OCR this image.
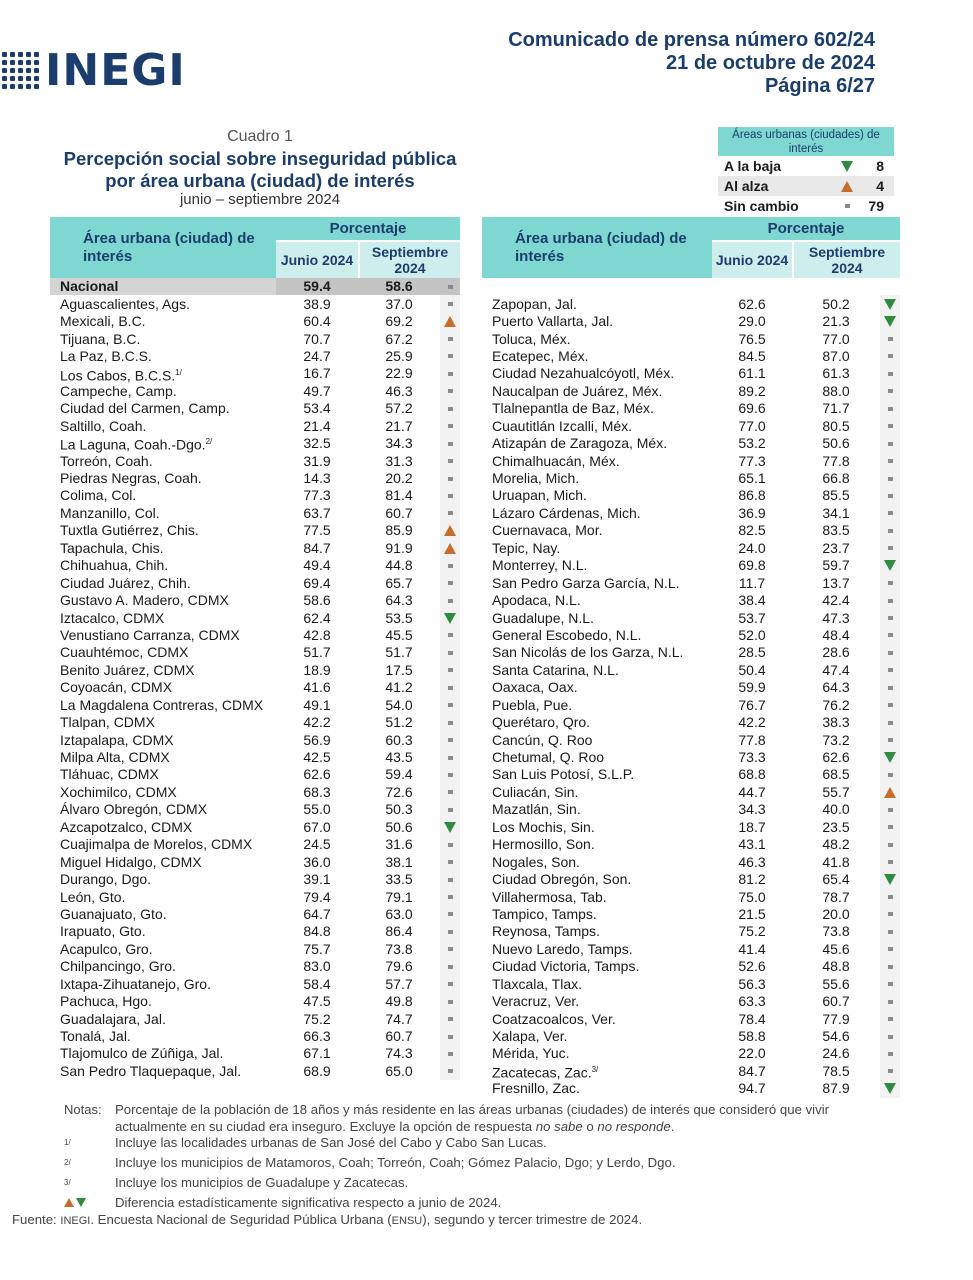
INEGI
Comunicado de prensa número 602/24
21 de octubre de 2024
Página 6/27
Cuadro 1
Percepción social sobre inseguridad pública
por área urbana (ciudad) de interés
junio – septiembre 2024
Áreas urbanas (ciudades) de interés
A la baja	8
Al alza	4
Sin cambio	79
Área urbana (ciudad) de interés
Porcentaje
Junio 2024	Septiembre 2024
Nacional	59.4	58.6
Aguascalientes, Ags.	38.9	37.0
Mexicali, B.C.	60.4	69.2
Tijuana, B.C.	70.7	67.2
La Paz, B.C.S.	24.7	25.9
Los Cabos, B.C.S.$^{1/}$	16.7	22.9
Campeche, Camp.	49.7	46.3
Ciudad del Carmen, Camp.	53.4	57.2
Saltillo, Coah.	21.4	21.7
La Laguna, Coah.-Dgo.$^{2/}$	32.5	34.3
Torreón, Coah.	31.9	31.3
Piedras Negras, Coah.	14.3	20.2
Colima, Col.	77.3	81.4
Manzanillo, Col.	63.7	60.7
Tuxtla Gutiérrez, Chis.	77.5	85.9
Tapachula, Chis.	84.7	91.9
Chihuahua, Chih.	49.4	44.8
Ciudad Juárez, Chih.	69.4	65.7
Gustavo A. Madero, CDMX	58.6	64.3
Iztacalco, CDMX	62.4	53.5
Venustiano Carranza, CDMX	42.8	45.5
Cuauhtémoc, CDMX	51.7	51.7
Benito Juárez, CDMX	18.9	17.5
Coyoacán, CDMX	41.6	41.2
La Magdalena Contreras, CDMX	49.1	54.0
Tlalpan, CDMX	42.2	51.2
Iztapalapa, CDMX	56.9	60.3
Milpa Alta, CDMX	42.5	43.5
Tláhuac, CDMX	62.6	59.4
Xochimilco, CDMX	68.3	72.6
Álvaro Obregón, CDMX	55.0	50.3
Azcapotzalco, CDMX	67.0	50.6
Cuajimalpa de Morelos, CDMX	24.5	31.6
Miguel Hidalgo, CDMX	36.0	38.1
Durango, Dgo.	39.1	33.5
León, Gto.	79.4	79.1
Guanajuato, Gto.	64.7	63.0
Irapuato, Gto.	84.8	86.4
Acapulco, Gro.	75.7	73.8
Chilpancingo, Gro.	83.0	79.6
Ixtapa-Zihuatanejo, Gro.	58.4	57.7
Pachuca, Hgo.	47.5	49.8
Guadalajara, Jal.	75.2	74.7
Tonalá, Jal.	66.3	60.7
Tlajomulco de Zúñiga, Jal.	67.1	74.3
San Pedro Tlaquepaque, Jal.	68.9	65.0
Área urbana (ciudad) de interés
Porcentaje
Junio 2024	Septiembre 2024
Zapopan, Jal.	62.6	50.2
Puerto Vallarta, Jal.	29.0	21.3
Toluca, Méx.	76.5	77.0
Ecatepec, Méx.	84.5	87.0
Ciudad Nezahualcóyotl, Méx.	61.1	61.3
Naucalpan de Juárez, Méx.	89.2	88.0
Tlalnepantla de Baz, Méx.	69.6	71.7
Cuautitlán Izcalli, Méx.	77.0	80.5
Atizapán de Zaragoza, Méx.	53.2	50.6
Chimalhuacán, Méx.	77.3	77.8
Morelia, Mich.	65.1	66.8
Uruapan, Mich.	86.8	85.5
Lázaro Cárdenas, Mich.	36.9	34.1
Cuernavaca, Mor.	82.5	83.5
Tepic, Nay.	24.0	23.7
Monterrey, N.L.	69.8	59.7
San Pedro Garza García, N.L.	11.7	13.7
Apodaca, N.L.	38.4	42.4
Guadalupe, N.L.	53.7	47.3
General Escobedo, N.L.	52.0	48.4
San Nicolás de los Garza, N.L.	28.5	28.6
Santa Catarina, N.L.	50.4	47.4
Oaxaca, Oax.	59.9	64.3
Puebla, Pue.	76.7	76.2
Querétaro, Qro.	42.2	38.3
Cancún, Q. Roo	77.8	73.2
Chetumal, Q. Roo	73.3	62.6
San Luis Potosí, S.L.P.	68.8	68.5
Culiacán, Sin.	44.7	55.7
Mazatlán, Sin.	34.3	40.0
Los Mochis, Sin.	18.7	23.5
Hermosillo, Son.	43.1	48.2
Nogales, Son.	46.3	41.8
Ciudad Obregón, Son.	81.2	65.4
Villahermosa, Tab.	75.0	78.7
Tampico, Tamps.	21.5	20.0
Reynosa, Tamps.	75.2	73.8
Nuevo Laredo, Tamps.	41.4	45.6
Ciudad Victoria, Tamps.	52.6	48.8
Tlaxcala, Tlax.	56.3	55.6
Veracruz, Ver.	63.3	60.7
Coatzacoalcos, Ver.	78.4	77.9
Xalapa, Ver.	58.8	54.6
Mérida, Yuc.	22.0	24.6
Zacatecas, Zac.$^{3/}$	84.7	78.5
Fresnillo, Zac.	94.7	87.9
Notas:	Porcentaje de la población de 18 años y más residente en las áreas urbanas (ciudades) de interés que consideró que vivir actualmente en su ciudad era inseguro. Excluye la opción de respuesta no sabe o no responde.
$^{1/}$	Incluye las localidades urbanas de San José del Cabo y Cabo San Lucas.
$^{2/}$	Incluye los municipios de Matamoros, Coah; Torreón, Coah; Gómez Palacio, Dgo; y Lerdo, Dgo.
$^{3/}$	Incluye los municipios de Guadalupe y Zacatecas.
Diferencia estadísticamente significativa respecto a junio de 2024.
Fuente: INEGI. Encuesta Nacional de Seguridad Pública Urbana (ENSU), segundo y tercer trimestre de 2024.
